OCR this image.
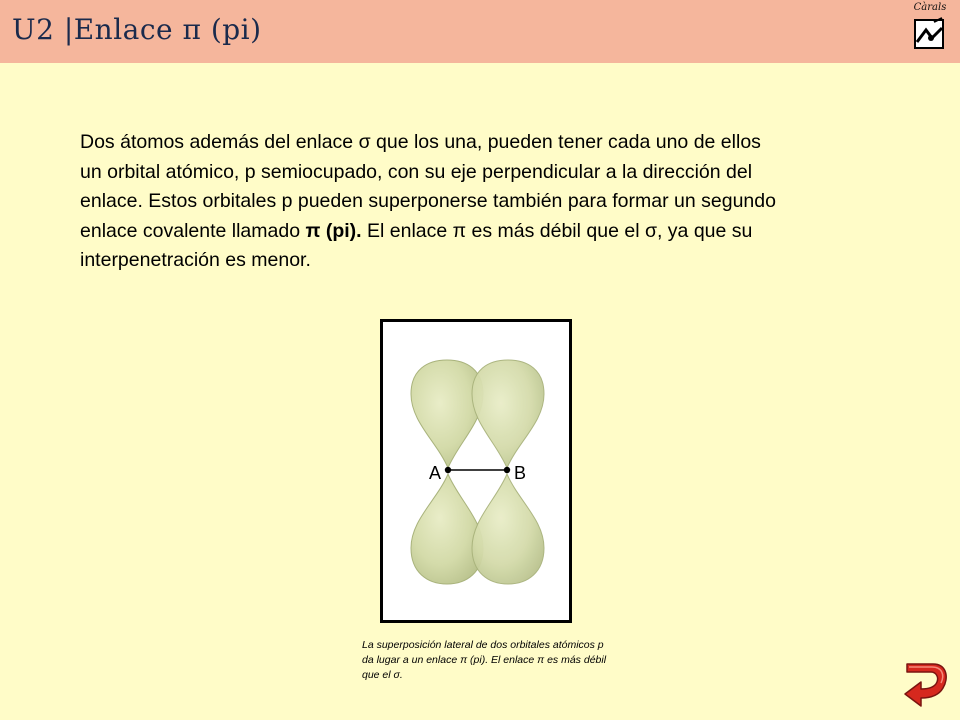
U2 |Enlace π (pi)
Càrals

Dos átomos además del enlace σ que los una, pueden tener cada uno de ellos un orbital atómico, p semiocupado, con su eje perpendicular a la dirección del enlace. Estos orbitales p pueden superponerse también para formar un segundo enlace covalente llamado π (pi). El enlace π es más débil que el σ, ya que su interpenetración es menor.

A	B

La superposición lateral de dos orbitales atómicos p da lugar a un enlace π (pi). El enlace π es más débil que el σ.
